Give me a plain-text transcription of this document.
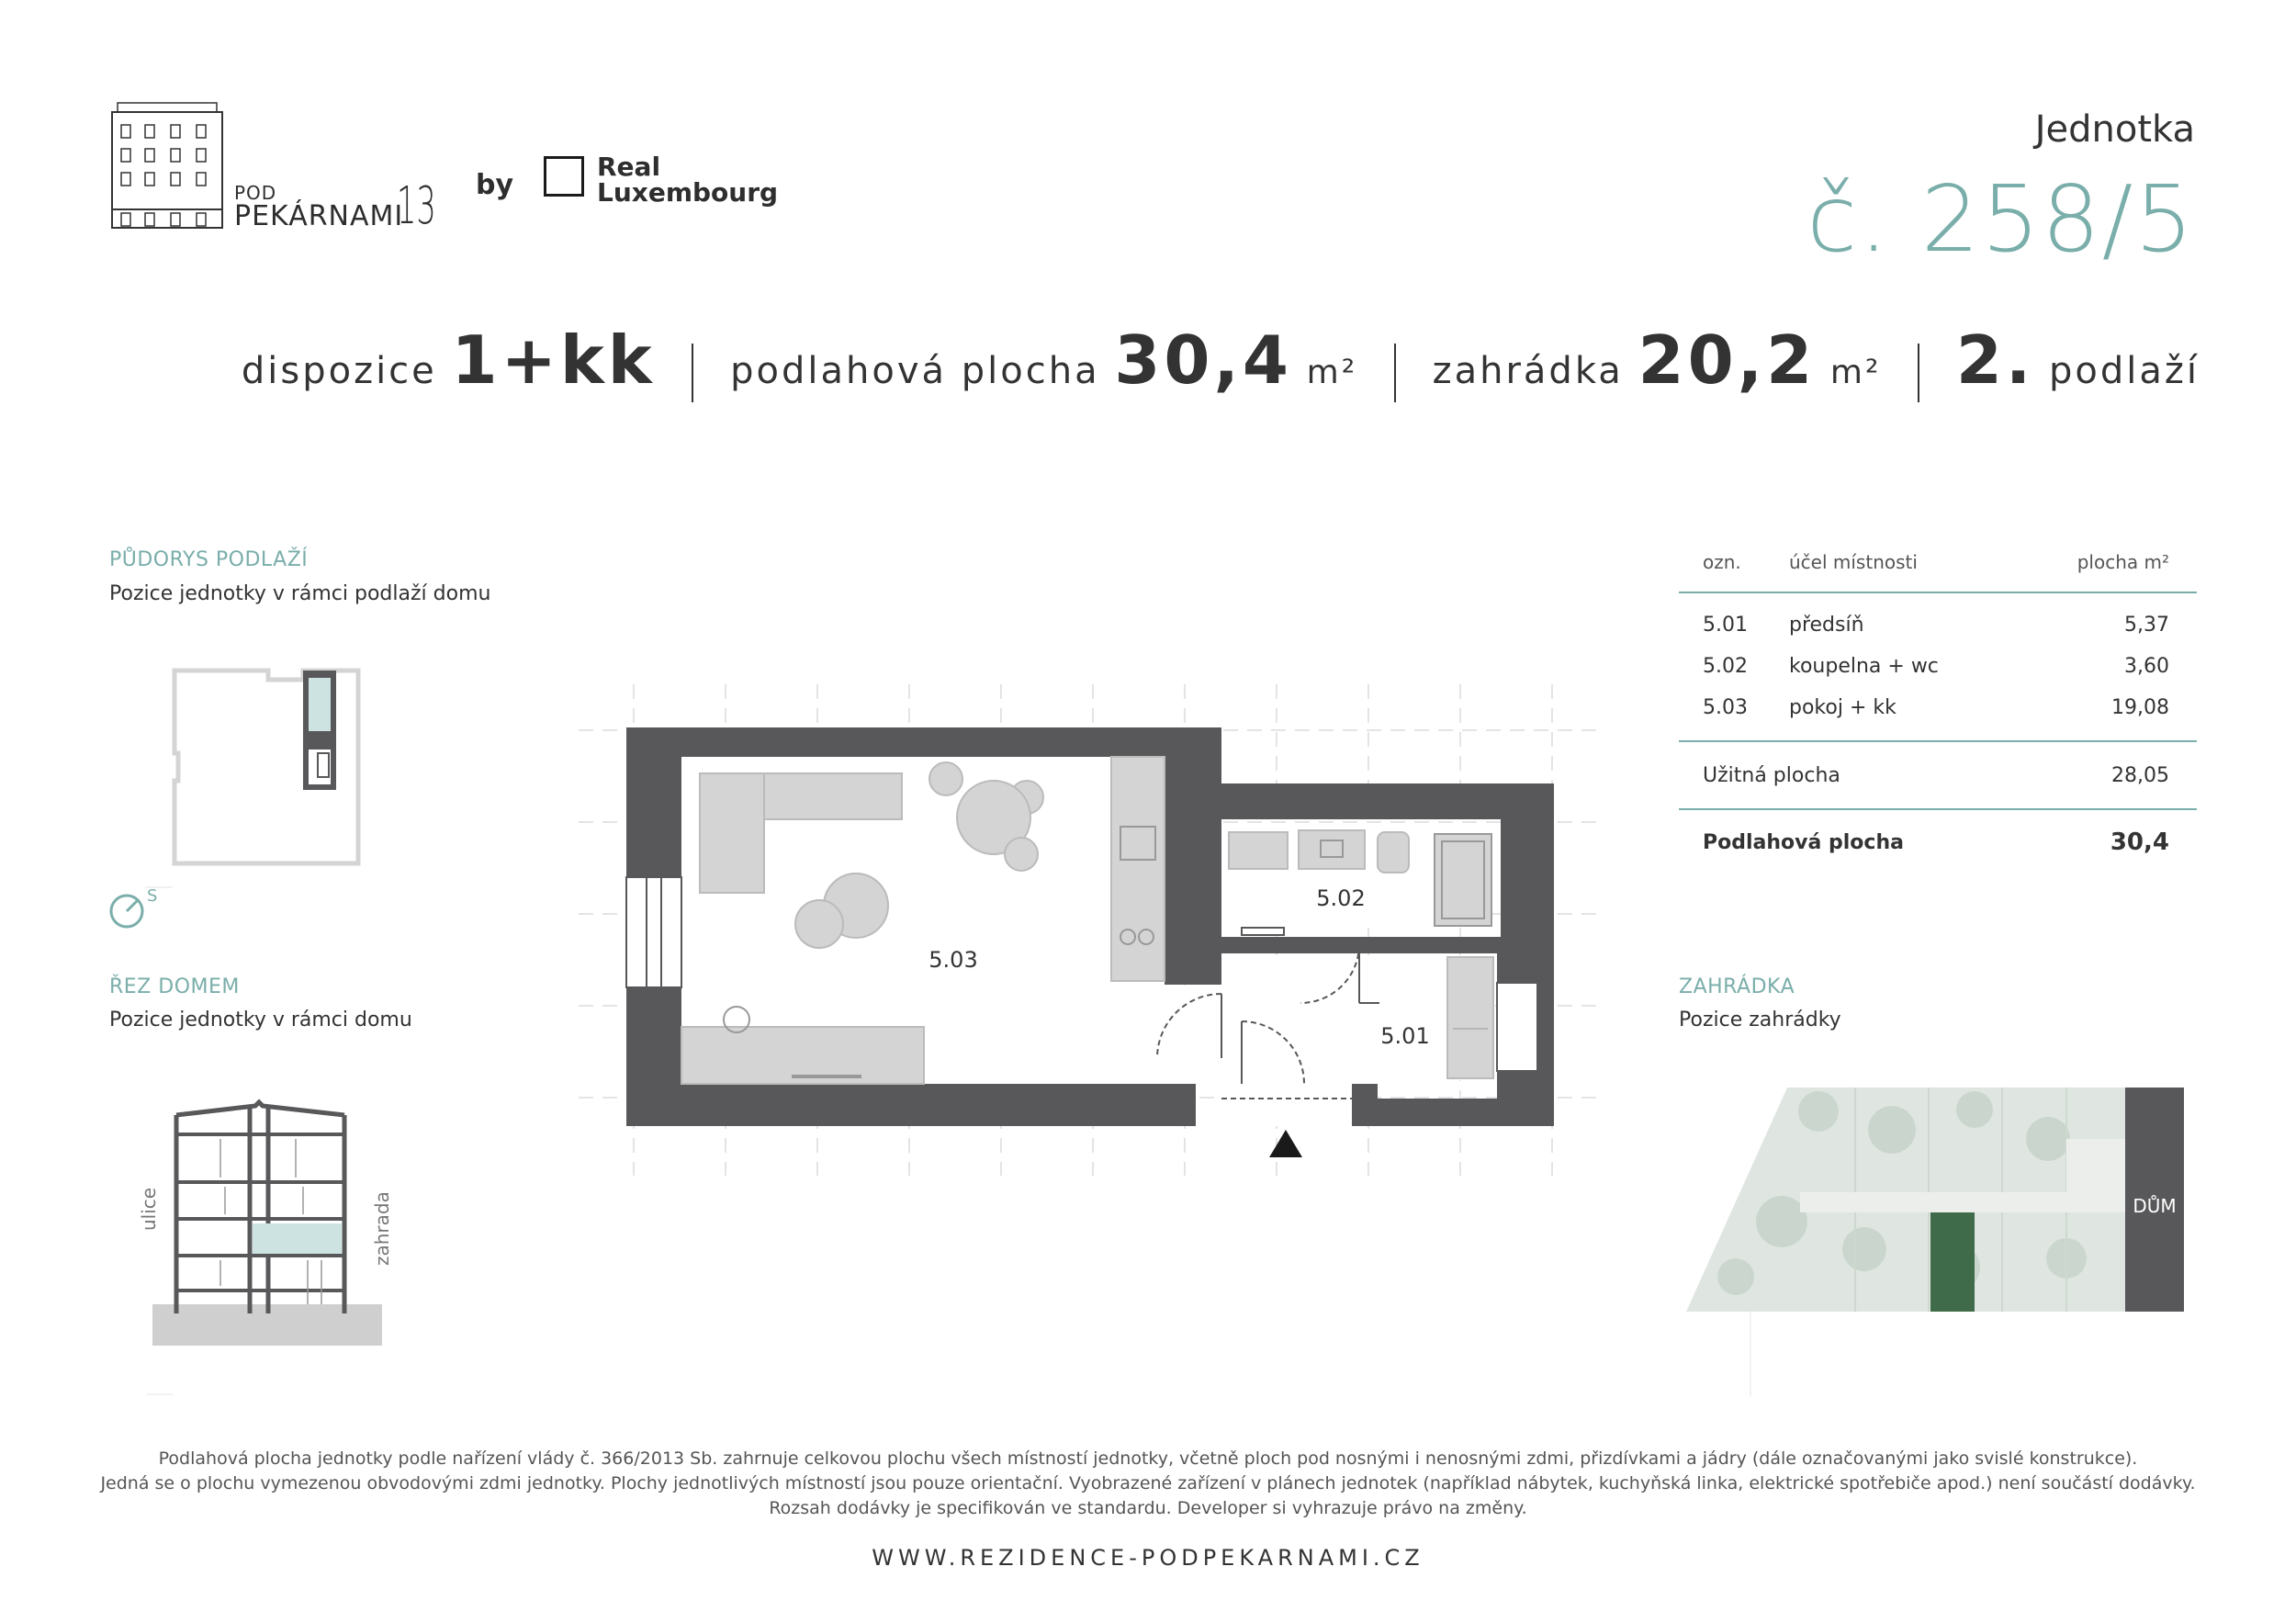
POD
PEKÁRNAMI
13 by
Real
Luxembourg
Jednotka
č. 258/5
dispozice 1+kk podlahová plocha 30,4 m² zahrádka 20,2 m² 2. podlaží
PŮDORYS PODLAŽÍ
Pozice jednotky v rámci podlaží domu
S
ŘEZ DOMEM
Pozice jednotky v rámci domu
ulice	zahrada
5.03
5.02
5.01
ozn.	účel místnosti	plocha m²
5.01 předsíň	5,37
5.02 koupelna + wc	3,60
5.03 pokoj + kk	19,08
Užitná plocha	28,05
Podlahová plocha	30,4
ZAHRÁDKA
Pozice zahrádky
DŮM
Podlahová plocha jednotky podle nařízení vlády č. 366/2013 Sb. zahrnuje celkovou plochu všech místností jednotky, včetně ploch pod nosnými i nenosnými zdmi, přizdívkami a jádry (dále označovanými jako svislé konstrukce).
Jedná se o plochu vymezenou obvodovými zdmi jednotky. Plochy jednotlivých místností jsou pouze orientační. Vyobrazené zařízení v plánech jednotek (například nábytek, kuchyňská linka, elektrické spotřebiče apod.) není součástí dodávky.
Rozsah dodávky je specifikován ve standardu. Developer si vyhrazuje právo na změny.
WWW.REZIDENCE-PODPEKARNAMI.CZ
